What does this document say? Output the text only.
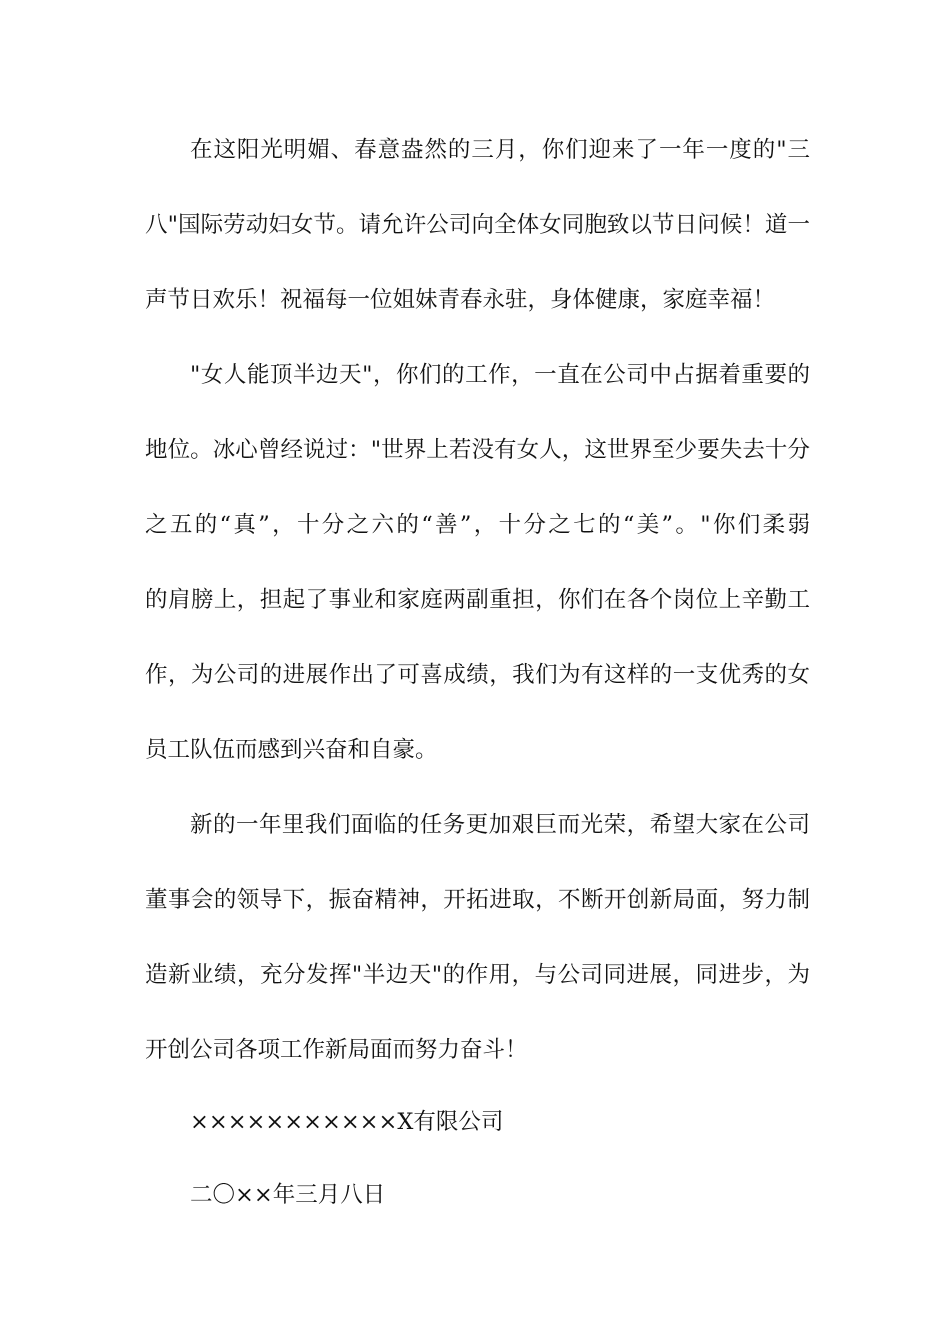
在这阳光明媚、春意盎然的三月，你们迎来了一年一度的"三
八"国际劳动妇女节。请允许公司向全体女同胞致以节日问候！道一
声节日欢乐！祝福每一位姐妹青春永驻，身体健康，家庭幸福！
"女人能顶半边天"，你们的工作，一直在公司中占据着重要的
地位。冰心曾经说过："世界上若没有女人，这世界至少要失去十分
之五的“真”，十分之六的“善”，十分之七的“美”。"你们柔弱
的肩膀上，担起了事业和家庭两副重担，你们在各个岗位上辛勤工
作，为公司的进展作出了可喜成绩，我们为有这样的一支优秀的女
员工队伍而感到兴奋和自豪。
新的一年里我们面临的任务更加艰巨而光荣，希望大家在公司
董事会的领导下，振奋精神，开拓进取，不断开创新局面，努力制
造新业绩，充分发挥"半边天"的作用，与公司同进展，同进步，为
开创公司各项工作新局面而努力奋斗！
×××××××××××X有限公司
二〇××年三月八日
